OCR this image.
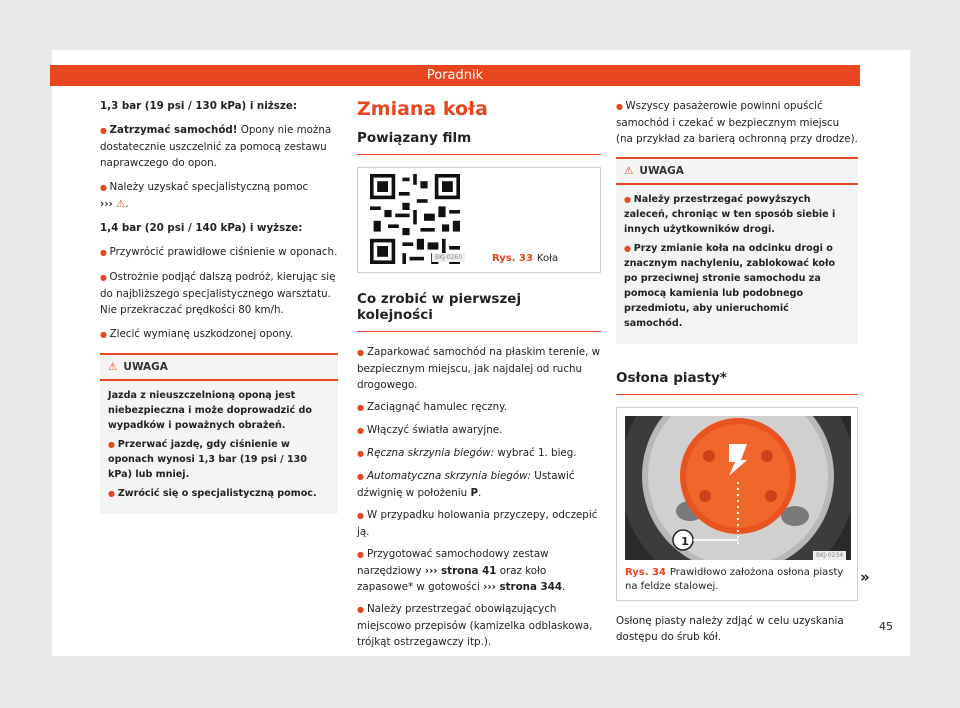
Poradnik

1,3 bar (19 psi / 130 kPa) i niższe:

● Zatrzymać samochód! Opony nie można dostatecznie uszczelnić za pomocą zestawu naprawczego do opon.

● Należy uzyskać specjalistyczną pomoc
››› ⚠.

1,4 bar (20 psi / 140 kPa) i wyższe:

● Przywrócić prawidłowe ciśnienie w oponach.

● Ostrożnie podjąć dalszą podróż, kierując się do najbliższego specjalistycznego warsztatu. Nie przekraczać prędkości 80 km/h.

● Zlecić wymianę uszkodzonej opony.

⚠ UWAGA

Jazda z nieuszczelnioną oponą jest niebezpieczna i może doprowadzić do wypadków i poważnych obrażeń.

● Przerwać jazdę, gdy ciśnienie w oponach wynosi 1,3 bar (19 psi / 130 kPa) lub mniej.

● Zwrócić się o specjalistyczną pomoc.

Zmiana koła
Powiązany film
BKJ-0260	Rys. 33 Koła
Co zrobić w pierwszej kolejności

● Zaparkować samochód na płaskim terenie, w bezpiecznym miejscu, jak najdalej od ruchu drogowego.

● Zaciągnąć hamulec ręczny.

● Włączyć światła awaryjne.

● Ręczna skrzynia biegów: wybrać 1. bieg.

● Automatyczna skrzynia biegów: Ustawić dźwignię w położeniu P.

● W przypadku holowania przyczepy, odczepić ją.

● Przygotować samochodowy zestaw narzędziowy ››› strona 41 oraz koło zapasowe* w gotowości ››› strona 344.

● Należy przestrzegać obowiązujących miejscowo przepisów (kamizelka odblaskowa, trójkąt ostrzegawczy itp.).

● Wszyscy pasażerowie powinni opuścić samochód i czekać w bezpiecznym miejscu (na przykład za barierą ochronną przy drodze).

⚠ UWAGA

● Należy przestrzegać powyższych zaleceń, chroniąc w ten sposób siebie i innych użytkowników drogi.

● Przy zmianie koła na odcinku drogi o znacznym nachyleniu, zablokować koło po przeciwnej stronie samochodu za pomocą kamienia lub podobnego przedmiotu, aby unieruchomić samochód.

Osłona piasty*
1
BKJ-0234
Rys. 34 Prawidłowo założona osłona piasty na feldze stalowej.

Osłonę piasty należy zdjąć w celu uzyskania dostępu do śrub kół.

»
45
